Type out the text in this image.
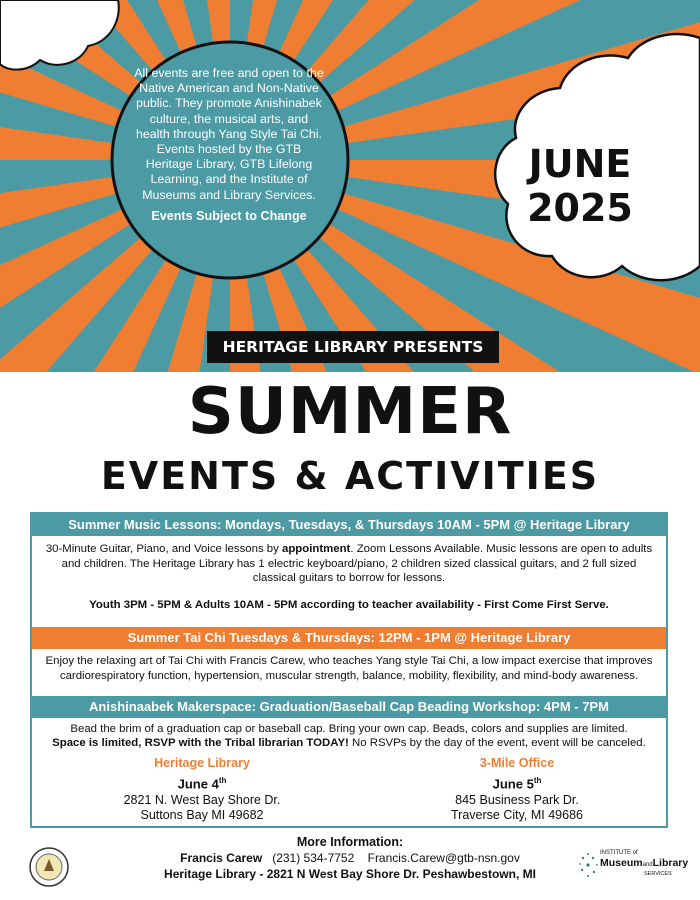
All events are free and open to the Native American and Non-Native public. They promote Anishinabek culture, the musical arts, and health through Yang Style Tai Chi. Events hosted by the GTB Heritage Library, GTB Lifelong Learning, and the Institute of Museums and Library Services.
Events Subject to Change
JUNE
2025
HERITAGE LIBRARY PRESENTS
SUMMER
EVENTS & ACTIVITIES
Summer Music Lessons: Mondays, Tuesdays, & Thursdays 10AM - 5PM @ Heritage Library
30-Minute Guitar, Piano, and Voice lessons by appointment. Zoom Lessons Available. Music lessons are open to adults and children. The Heritage Library has 1 electric keyboard/piano, 2 children sized classical guitars, and 2 full sized classical guitars to borrow for lessons.
Youth 3PM - 5PM & Adults 10AM - 5PM according to teacher availability - First Come First Serve.
Summer Tai Chi Tuesdays & Thursdays: 12PM - 1PM @ Heritage Library
Enjoy the relaxing art of Tai Chi with Francis Carew, who teaches Yang style Tai Chi, a low impact exercise that improves cardiorespiratory function, hypertension, muscular strength, balance, mobility, flexibility, and mind-body awareness.
Anishinaabek Makerspace: Graduation/Baseball Cap Beading Workshop: 4PM - 7PM
Bead the brim of a graduation cap or baseball cap. Bring your own cap. Beads, colors and supplies are limited.
Space is limited, RSVP with the Tribal librarian TODAY! No RSVPs by the day of the event, event will be canceled.
Heritage Library
June 4th
2821 N. West Bay Shore Dr.
Suttons Bay MI 49682
3-Mile Office
June 5th
845 Business Park Dr.
Traverse City, MI 49686
More Information:
Francis Carew (231) 534-7752 Francis.Carew@gtb-nsn.gov
Heritage Library - 2821 N West Bay Shore Dr. Peshawbestown, MI
INSTITUTE of
MuseumandLibrary
SERVICES
